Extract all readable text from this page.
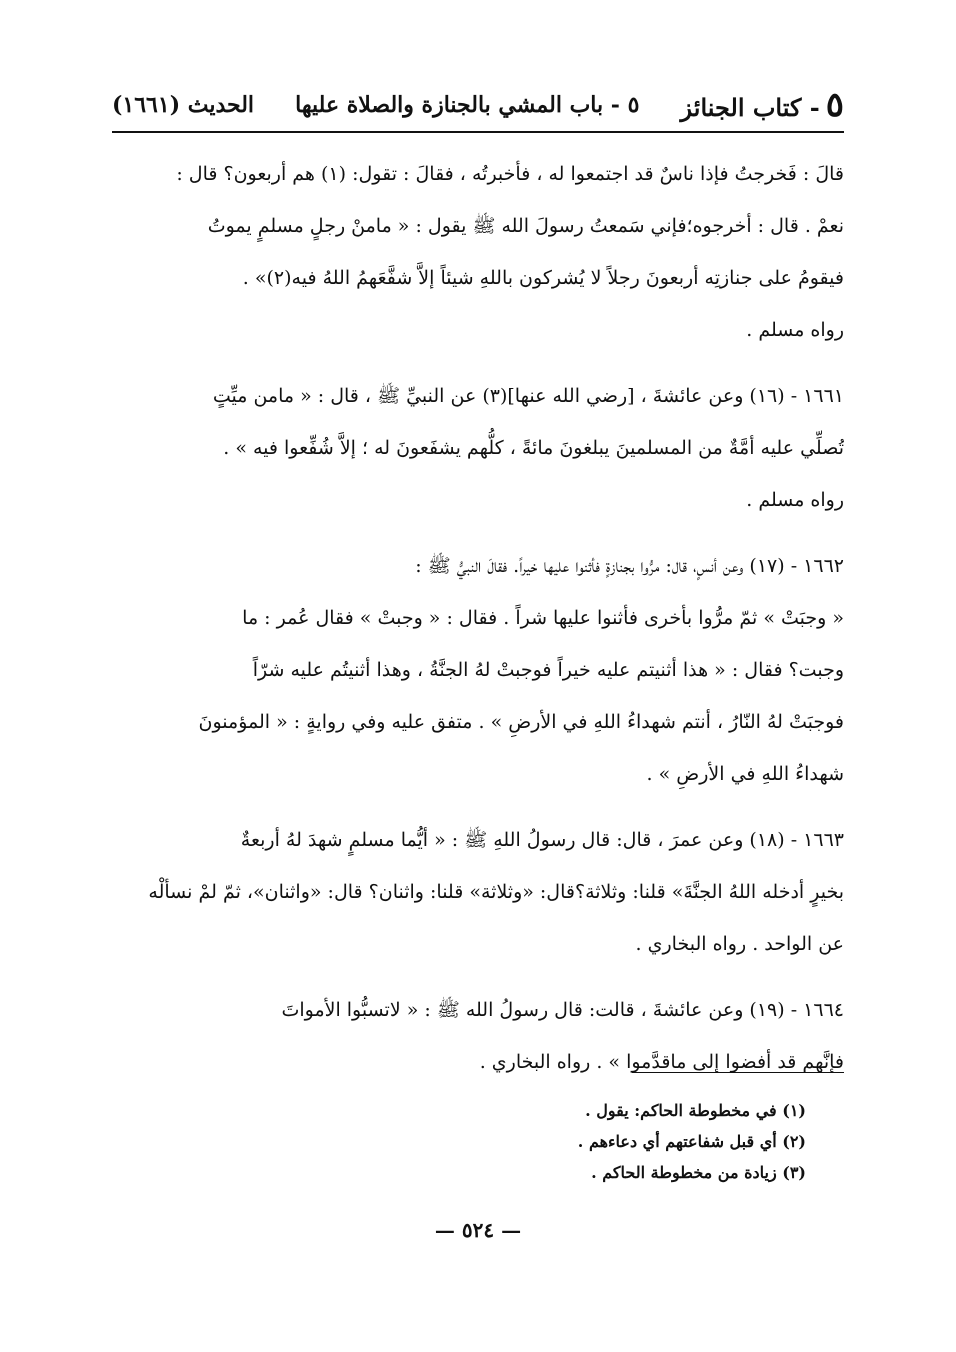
٥- كتاب الجنائز
٥ - باب المشي بالجنازة والصلاة عليها
الحديث (١٦٦١)

قالَ : فَخرجتُ فإذا ناسٌ قد اجتمعوا له ، فأخبرتُه ، فقالَ : تقول: (١) هم أربعون؟ قال :

نعمْ . قال : أخرجوه؛فإني سَمعتُ رسولَ الله ﷺ يقول : « مامنْ رجلٍ مسلمٍ يموتُ

فيقومُ على جنازتِه أربعونَ رجلاً لا يُشركون باللهِ شيئاً إلاَّ شفَّعَهمُ اللهُ فيه(٢)» .

رواه مسلم .

١٦٦١ - (١٦) وعن عائشةَ ، [رضي الله عنها](٣) عن النبيِّ ﷺ ، قال : « مامن ميِّتٍ

تُصلِّي عليه أمَّةٌ من المسلمينَ يبلغونَ مائةً ، كلُّهم يشفَعونَ له ؛ إلاَّ شُفِّعوا فيه » .

رواه مسلم .

١٦٦٢ - (١٧) وعن أنسٍ، قال: مرُّوا بجنازةٍ فأثنوا عليها خيراً. فقالَ النبيُّ ﷺ :

« وجبَتْ » ثمّ مرُّوا بأخرى فأثنوا عليها شراً . فقال : « وجبتْ » فقال عُمر : ما

وجبت؟ فقال : « هذا أثنيتم عليه خيراً فوجبتْ لهُ الجنَّةُ ، وهذا أثنيتُم عليه شرّاً

فوجبَتْ لهُ النّارُ ، أنتم شهداءُ اللهِ في الأرضِ » . متفق عليه وفي روايةٍ : « المؤمنونَ

شهداءُ اللهِ في الأرضِ » .

١٦٦٣ - (١٨) وعن عمرَ ، قال: قال رسولُ اللهِ ﷺ : « أيُّما مسلمٍ شهدَ لهُ أربعةٌ

بخيرٍ أدخله اللهُ الجنَّةَ» قلنا: وثلاثة؟قال: «وثلاثة» قلنا: واثنان؟ قال: «واثنان»، ثمّ لمْ نسألْه

عن الواحد . رواه البخاري .

١٦٦٤ - (١٩) وعن عائشةَ ، قالت: قال رسولُ الله ﷺ : « لاتسبُّوا الأمواتَ

فإنَّهم قد أفضوا إلى ماقدَّموا » . رواه البخاري .

(١) في مخطوطة الحاكم: يقول .
(٢) أي قبل شفاعتهم أي دعاءهم .
(٣) زيادة من مخطوطة الحاكم .
— ٥٢٤ —
